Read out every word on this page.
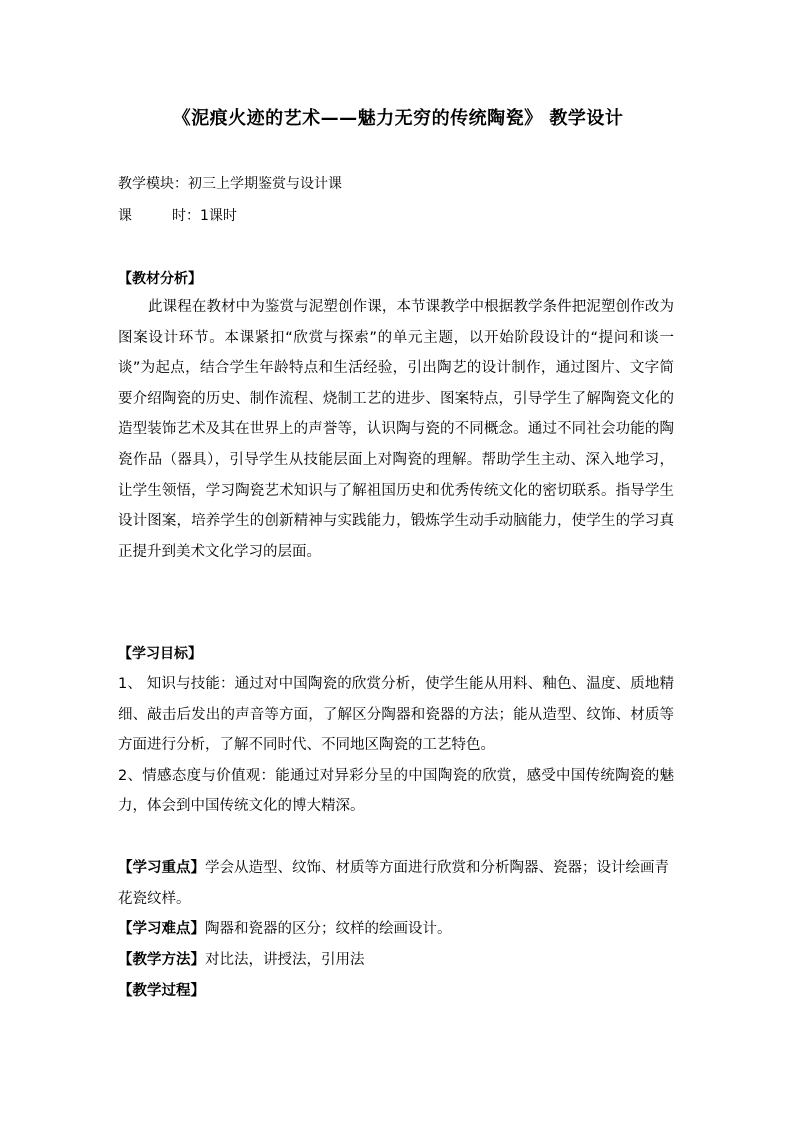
《泥痕火迹的艺术——魅力无穷的传统陶瓷》 教学设计
教学模块：初三上学期鉴赏与设计课
课	时：1课时
【教材分析】
此课程在教材中为鉴赏与泥塑创作课，本节课教学中根据教学条件把泥塑创作改为图案设计环节。本课紧扣“欣赏与探索”的单元主题，以开始阶段设计的“提问和谈一谈”为起点，结合学生年龄特点和生活经验，引出陶艺的设计制作，通过图片、文字简要介绍陶瓷的历史、制作流程、烧制工艺的进步、图案特点，引导学生了解陶瓷文化的造型装饰艺术及其在世界上的声誉等，认识陶与瓷的不同概念。通过不同社会功能的陶瓷作品（器具），引导学生从技能层面上对陶瓷的理解。帮助学生主动、深入地学习，让学生领悟，学习陶瓷艺术知识与了解祖国历史和优秀传统文化的密切联系。指导学生设计图案，培养学生的创新精神与实践能力，锻炼学生动手动脑能力，使学生的学习真正提升到美术文化学习的层面。
【学习目标】

1、 知识与技能：通过对中国陶瓷的欣赏分析，使学生能从用料、釉色、温度、质地精细、敲击后发出的声音等方面，了解区分陶器和瓷器的方法；能从造型、纹饰、材质等方面进行分析，了解不同时代、不同地区陶瓷的工艺特色。

2、情感态度与价值观：能通过对异彩分呈的中国陶瓷的欣赏，感受中国传统陶瓷的魅力，体会到中国传统文化的博大精深。

【学习重点】学会从造型、纹饰、材质等方面进行欣赏和分析陶器、瓷器；设计绘画青花瓷纹样。

【学习难点】陶器和瓷器的区分；纹样的绘画设计。

【教学方法】对比法，讲授法，引用法

【教学过程】
